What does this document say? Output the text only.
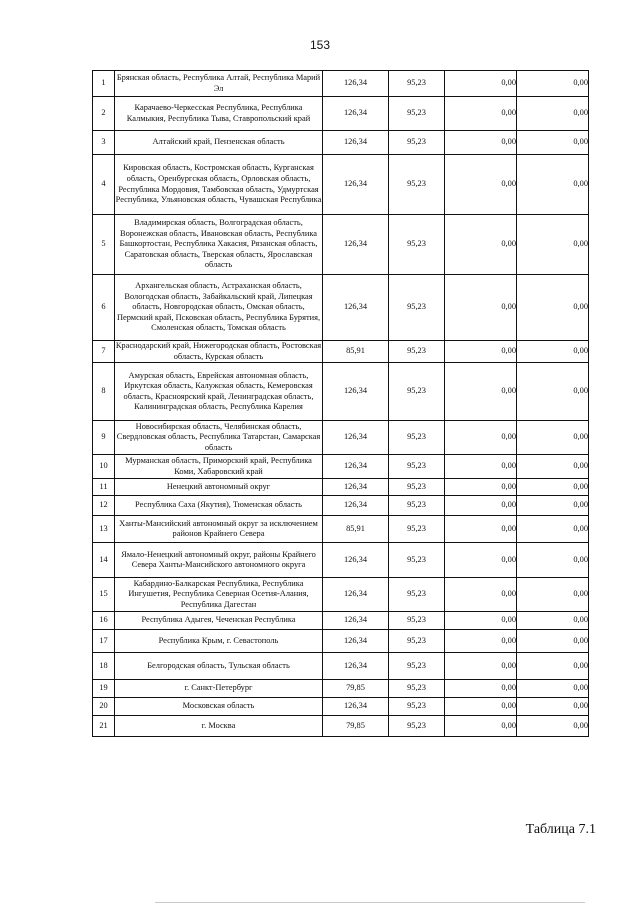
153
1	Брянская область, Республика Алтай, Республика Марий Эл	126,34	95,23	0,00	0,00
2	Карачаево-Черкесская Республика, Республика Калмыкия, Республика Тыва, Ставропольский край	126,34	95,23	0,00	0,00
3	Алтайский край, Пензенская область	126,34	95,23	0,00	0,00
4	Кировская область, Костромская область, Курганская область, Оренбургская область, Орловская область, Республика Мордовия, Тамбовская область, Удмуртская Республика, Ульяновская область, Чувашская Республика	126,34	95,23	0,00	0,00
5	Владимирская область, Волгоградская область, Воронежская область, Ивановская область, Республика Башкортостан, Республика Хакасия, Рязанская область, Саратовская область, Тверская область, Ярославская область	126,34	95,23	0,00	0,00
6	Архангельская область, Астраханская область, Вологодская область, Забайкальский край, Липецкая область, Новгородская область, Омская область, Пермский край, Псковская область, Республика Бурятия, Смоленская область, Томская область	126,34	95,23	0,00	0,00
7	Краснодарский край, Нижегородская область, Ростовская область, Курская область	85,91	95,23	0,00	0,00
8	Амурская область, Еврейская автономная область, Иркутская область, Калужская область, Кемеровская область, Красноярский край, Ленинградская область, Калининградская область, Республика Карелия	126,34	95,23	0,00	0,00
9	Новосибирская область, Челябинская область, Свердловская область, Республика Татарстан, Самарская область	126,34	95,23	0,00	0,00
10	Мурманская область, Приморский край, Республика Коми, Хабаровский край	126,34	95,23	0,00	0,00
11	Ненецкий автономный округ	126,34	95,23	0,00	0,00
12	Республика Саха (Якутия), Тюменская область	126,34	95,23	0,00	0,00
13	Ханты-Мансийский автономный округ за исключением районов Крайнего Севера	85,91	95,23	0,00	0,00
14	Ямало-Ненецкий автономный округ, районы Крайнего Севера Ханты-Мансийского автономного округа	126,34	95,23	0,00	0,00
15	Кабардино-Балкарская Республика, Республика Ингушетия, Республика Северная Осетия-Алания, Республика Дагестан	126,34	95,23	0,00	0,00
16	Республика Адыгея, Чеченская Республика	126,34	95,23	0,00	0,00
17	Республика Крым, г. Севастополь	126,34	95,23	0,00	0,00
18	Белгородская область, Тульская область	126,34	95,23	0,00	0,00
19	г. Санкт-Петербург	79,85	95,23	0,00	0,00
20	Московская область	126,34	95,23	0,00	0,00
21	г. Москва	79,85	95,23	0,00	0,00
Таблица 7.1
